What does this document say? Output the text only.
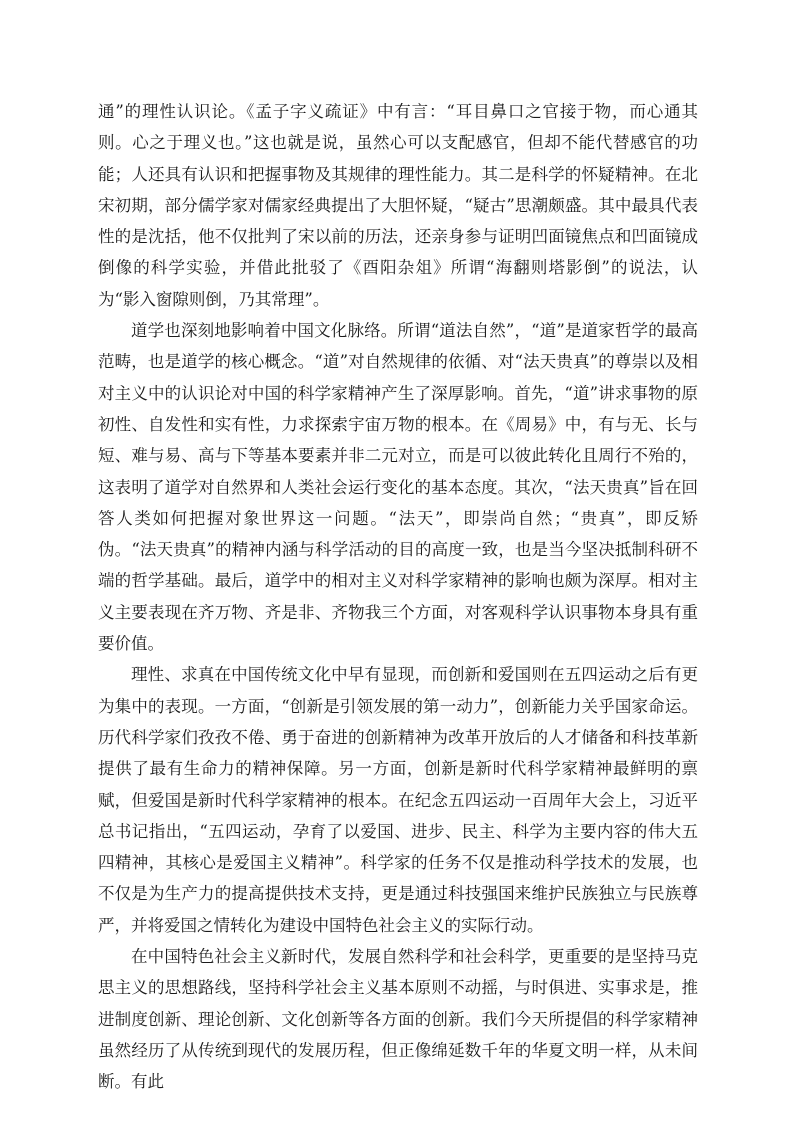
通”的理性认识论。《孟子字义疏证》中有言：“耳目鼻口之官接于物，而心通其则。心之于理义也。”这也就是说，虽然心可以支配感官，但却不能代替感官的功能；人还具有认识和把握事物及其规律的理性能力。其二是科学的怀疑精神。在北宋初期，部分儒学家对儒家经典提出了大胆怀疑，“疑古”思潮颇盛。其中最具代表性的是沈括，他不仅批判了宋以前的历法，还亲身参与证明凹面镜焦点和凹面镜成倒像的科学实验，并借此批驳了《酉阳杂俎》所谓“海翻则塔影倒”的说法，认为“影入窗隙则倒，乃其常理”。

道学也深刻地影响着中国文化脉络。所谓“道法自然”，“道”是道家哲学的最高范畴，也是道学的核心概念。“道”对自然规律的依循、对“法天贵真”的尊崇以及相对主义中的认识论对中国的科学家精神产生了深厚影响。首先，“道”讲求事物的原初性、自发性和实有性，力求探索宇宙万物的根本。在《周易》中，有与无、长与短、难与易、高与下等基本要素并非二元对立，而是可以彼此转化且周行不殆的，这表明了道学对自然界和人类社会运行变化的基本态度。其次，“法天贵真”旨在回答人类如何把握对象世界这一问题。“法天”，即崇尚自然；“贵真”，即反矫伪。“法天贵真”的精神内涵与科学活动的目的高度一致，也是当今坚决抵制科研不端的哲学基础。最后，道学中的相对主义对科学家精神的影响也颇为深厚。相对主义主要表现在齐万物、齐是非、齐物我三个方面，对客观科学认识事物本身具有重要价值。

理性、求真在中国传统文化中早有显现，而创新和爱国则在五四运动之后有更为集中的表现。一方面，“创新是引领发展的第一动力”，创新能力关乎国家命运。历代科学家们孜孜不倦、勇于奋进的创新精神为改革开放后的人才储备和科技革新提供了最有生命力的精神保障。另一方面，创新是新时代科学家精神最鲜明的禀赋，但爱国是新时代科学家精神的根本。在纪念五四运动一百周年大会上，习近平总书记指出，“五四运动，孕育了以爱国、进步、民主、科学为主要内容的伟大五四精神，其核心是爱国主义精神”。科学家的任务不仅是推动科学技术的发展，也不仅是为生产力的提高提供技术支持，更是通过科技强国来维护民族独立与民族尊严，并将爱国之情转化为建设中国特色社会主义的实际行动。

在中国特色社会主义新时代，发展自然科学和社会科学，更重要的是坚持马克思主义的思想路线，坚持科学社会主义基本原则不动摇，与时俱进、实事求是，推进制度创新、理论创新、文化创新等各方面的创新。我们今天所提倡的科学家精神虽然经历了从传统到现代的发展历程，但正像绵延数千年的华夏文明一样，从未间断。有此
